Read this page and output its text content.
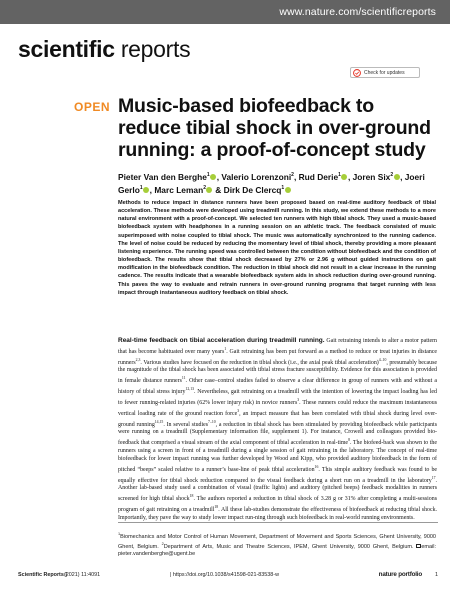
www.nature.com/scientificreports
scientific reports
Check for updates
OPEN Music-based biofeedback to reduce tibial shock in over-ground running: a proof-of-concept study
Pieter Van den Berghe$^1$ , Valerio Lorenzoni$^2$, Rud Derie$^1$ , Joren Six$^2$ , Joeri Gerlo$^1$ , Marc Leman$^2$ & Dirk De Clercq$^1$

Methods to reduce impact in distance runners have been proposed based on real-time auditory feedback of tibial acceleration. These methods were developed using treadmill running. In this study, we extend these methods to a more natural environment with a proof-of-concept. We selected ten runners with high tibial shock. They used a music-based biofeedback system with headphones in a running session on an athletic track. The feedback consisted of music superimposed with noise coupled to tibial shock. The music was automatically synchronized to the running cadence. The level of noise could be reduced by reducing the momentary level of tibial shock, thereby providing a more pleasant listening experience. The running speed was controlled between the condition without biofeedback and the condition of biofeedback. The results show that tibial shock decreased by 27% or 2.96 g without guided instructions on gait modification in the biofeedback condition. The reduction in tibial shock did not result in a clear increase in the running cadence. The results indicate that a wearable biofeedback system aids in shock reduction during over-ground running. This paves the way to evaluate and retrain runners in over-ground running programs that target running with less impact through instantaneous auditory feedback on tibial shock.

Real-time feedback on tibial acceleration during treadmill running. Gait retraining intends to alter a motor pattern that has become habituated over many years$^1$. Gait retraining has been put forward as a method to reduce or treat injuries in distance runners$^{2,3}$. Various studies have focused on the reduction in tibial shock (i.e., the axial peak tibial acceleration)$^{4-10}$, presumably because the magnitude of the tibial shock has been associated with tibial stress fracture susceptibility. Evidence for this association is provided in female distance runners$^{11}$. Other case–control studies failed to observe a clear difference in group of runners with and without a history of tibial stress injury$^{12,13}$. Nevertheless, gait retraining on a treadmill with the intention of lowering the impact loading has led to fewer running-related injuries (62% lower injury risk) in novice runners$^3$. These runners could reduce the maximum instantaneous vertical loading rate of the ground reaction force$^3$, an impact measure that has been correlated with tibial shock during level over-ground running$^{14,15}$. In several studies$^{7-10}$, a reduction in tibial shock has been stimulated by providing biofeedback while participants were running on a treadmill (Supplementary information file, supplement 1). For instance, Crowell and colleagues provided bio-feedback that comprised a visual stream of the axial component of tibial acceleration in real-time$^8$. The biofeed-back was shown to the runners using a screen in front of a treadmill during a single session of gait retraining in the laboratory. The concept of real-time biofeedback for lower impact running was further developed by Wood and Kipp, who provided auditory biofeedback in the form of pitched “beeps” scaled relative to a runner’s base-line of peak tibial acceleration$^{16}$. This simple auditory feedback was found to be equally effective for tibial shock reduction compared to the visual feedback during a short run on a treadmill in the laboratory$^{17}$. Another lab-based study used a combination of visual (traffic lights) and auditory (pitched beeps) feedback modalities in runners screened for high tibial shock$^{18}$. The authors reported a reduction in tibial shock of 3.28 g or 31% after completing a multi-sessions program of gait retraining on a treadmill$^{18}$. All these lab-studies demonstrate the effectiveness of biofeedback at reducing tibial shock. Importantly, they pave the way to study lower impact run-ning through such biofeedback in real-world running environments.

$^1$Biomechanics and Motor Control of Human Movement, Department of Movement and Sports Sciences, Ghent University, 9000 Ghent, Belgium. $^2$Department of Arts, Music and Theatre Sciences, IPEM, Ghent University, 9000 Ghent, Belgium. email: pieter.vandenberghe@ugent.be

Scientific Reports |
(2021) 11:4091	| https://doi.org/10.1038/s41598-021-83538-w	nature portfolio 1
